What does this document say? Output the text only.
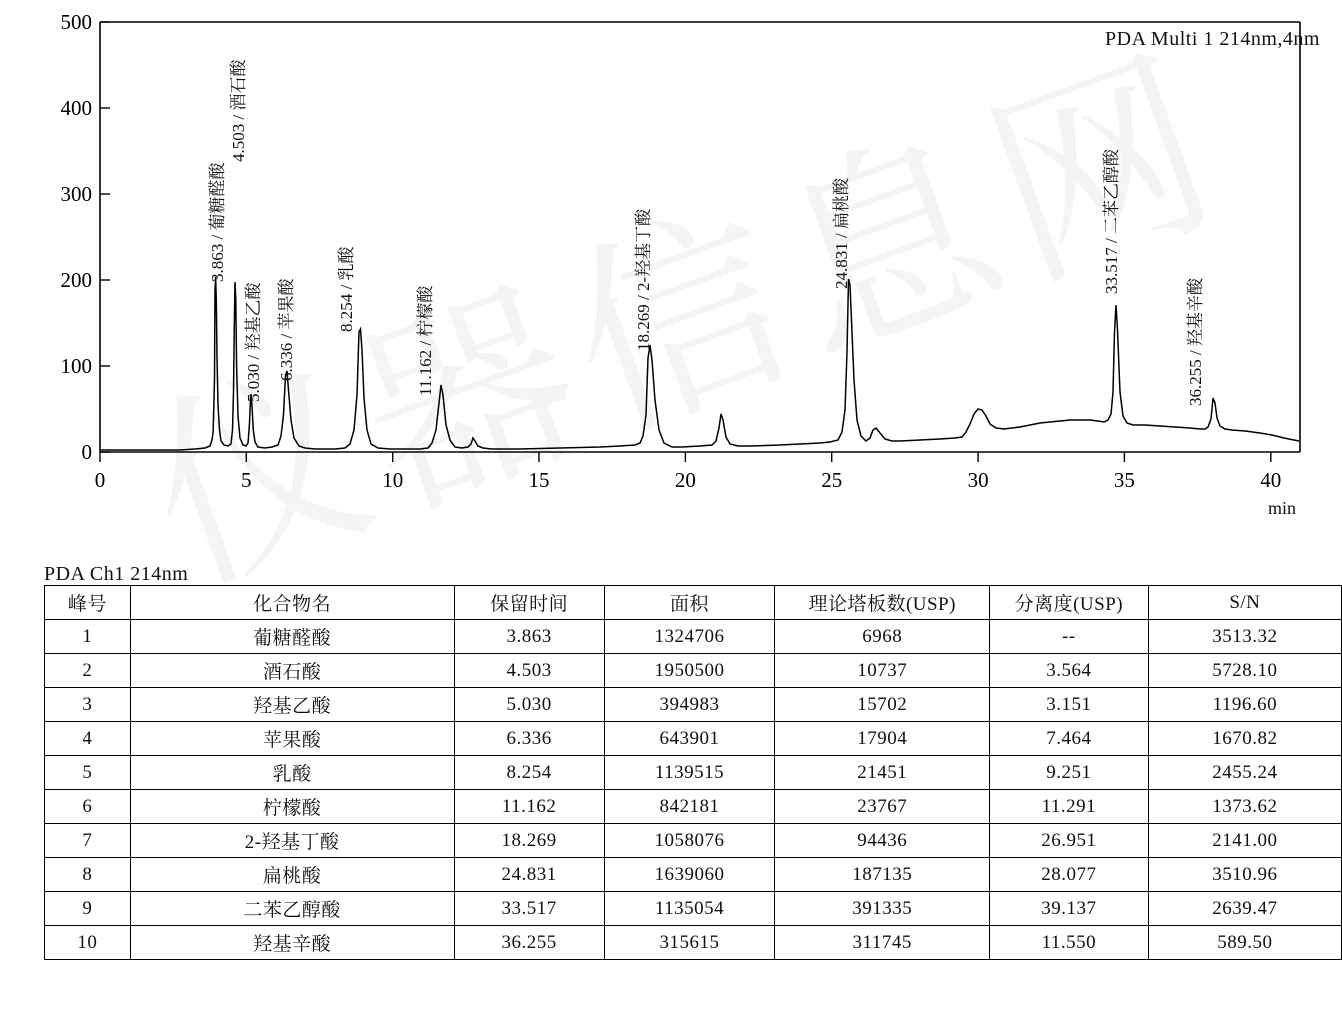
0
100
200
300
400
500
0	5	10	15	20	25	30	35	40
PDA Multi 1 214nm,4nm
min
3.863 / 葡糖醛酸
4.503 / 酒石酸
5.030 / 羟基乙酸 6.336 / 苹果酸 8.254 / 乳酸	11.162 / 柠檬酸	18.269 / 2-羟基丁酸	24.831 / 扁桃酸	33.517 / 二苯乙醇酸
36.255 / 羟基辛酸
PDA Ch1 214nm
峰号	化合物名	保留时间	面积	理论塔板数(USP)	分离度(USP)	S/N
1	葡糖醛酸	3.863	1324706	6968	--	3513.32
2	酒石酸	4.503	1950500	10737	3.564	5728.10
3	羟基乙酸	5.030	394983	15702	3.151	1196.60
4	苹果酸	6.336	643901	17904	7.464	1670.82
5	乳酸	8.254	1139515	21451	9.251	2455.24
6	柠檬酸	11.162	842181	23767	11.291	1373.62
7	2-羟基丁酸	18.269	1058076	94436	26.951	2141.00
8	扁桃酸	24.831	1639060	187135	28.077	3510.96
9	二苯乙醇酸	33.517	1135054	391335	39.137	2639.47
10	羟基辛酸	36.255	315615	311745	11.550	589.50
